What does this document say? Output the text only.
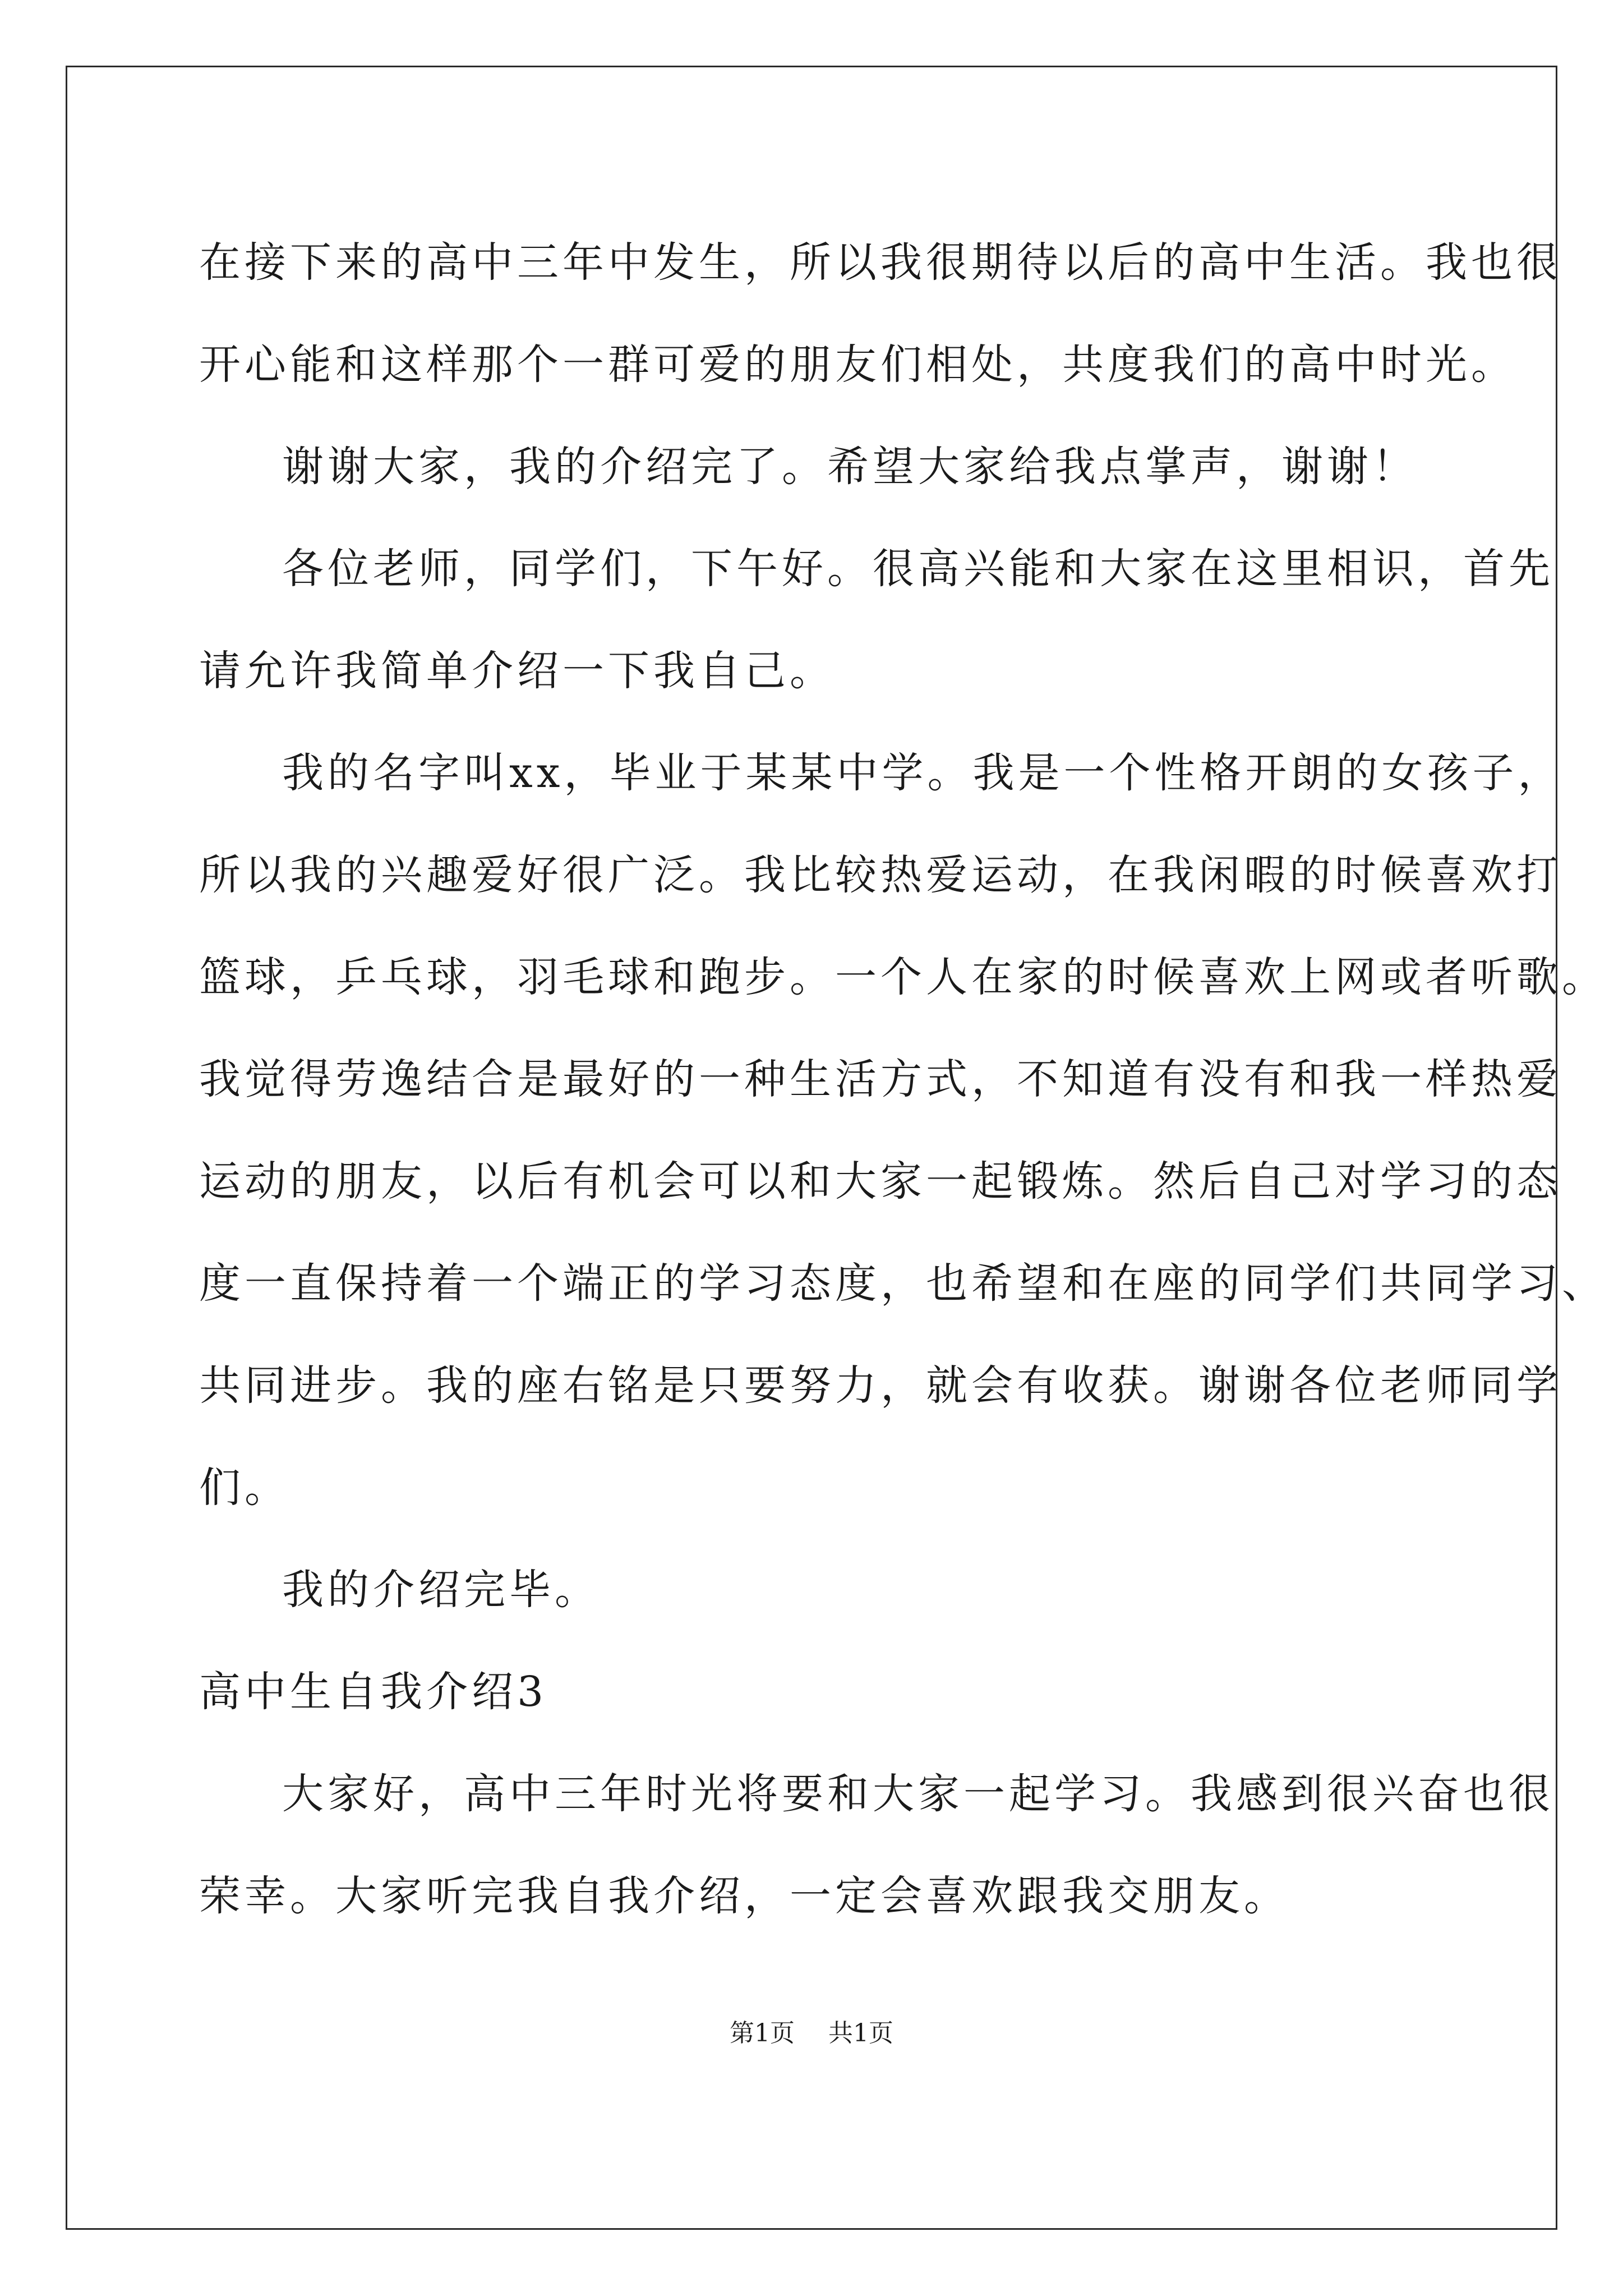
在接下来的高中三年中发生，所以我很期待以后的高中生活。我也很
开心能和这样那个一群可爱的朋友们相处，共度我们的高中时光。
谢谢大家，我的介绍完了。希望大家给我点掌声，谢谢！
各位老师，同学们，下午好。很高兴能和大家在这里相识，首先
请允许我简单介绍一下我自己。
我的名字叫xx，毕业于某某中学。我是一个性格开朗的女孩子，
所以我的兴趣爱好很广泛。我比较热爱运动，在我闲暇的时候喜欢打
篮球，乒乓球，羽毛球和跑步。一个人在家的时候喜欢上网或者听歌。
我觉得劳逸结合是最好的一种生活方式，不知道有没有和我一样热爱
运动的朋友，以后有机会可以和大家一起锻炼。然后自己对学习的态
度一直保持着一个端正的学习态度，也希望和在座的同学们共同学习、
共同进步。我的座右铭是只要努力，就会有收获。谢谢各位老师同学
们。
我的介绍完毕。
高中生自我介绍3
大家好，高中三年时光将要和大家一起学习。我感到很兴奋也很
荣幸。大家听完我自我介绍，一定会喜欢跟我交朋友。
第1页 共1页
